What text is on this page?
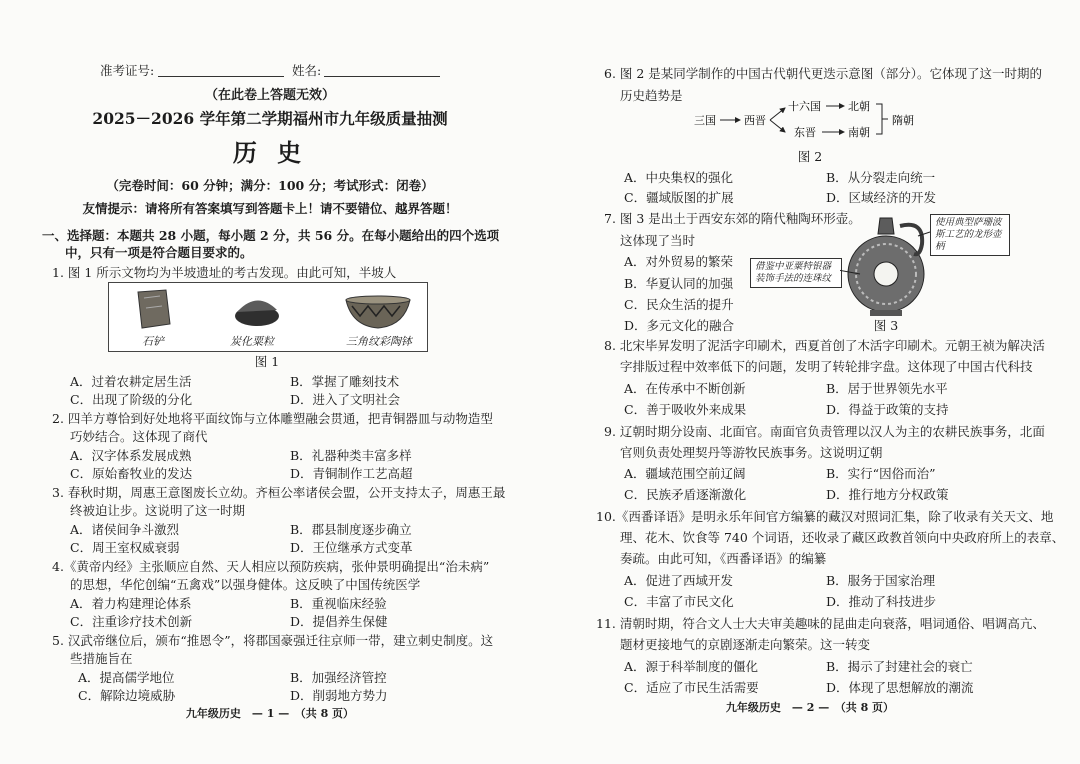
准考证号:	姓名:
（在此卷上答题无效）
2025－2026 学年第二学期福州市九年级质量抽测
历 史
（完卷时间：60 分钟；满分：100 分；考试形式：闭卷）
友情提示：请将所有答案填写到答题卡上！请不要错位、越界答题！
一、选择题：本题共 28 小题，每小题 2 分，共 56 分。在每小题给出的四个选项
中，只有一项是符合题目要求的。
1. 图 1 所示文物均为半坡遗址的考古发现。由此可知，半坡人
石铲	炭化粟粒	三角纹彩陶钵
图 1
A．过着农耕定居生活	B．掌握了雕刻技术
C．出现了阶级的分化	D．进入了文明社会
2. 四羊方尊恰到好处地将平面纹饰与立体雕塑融会贯通，把青铜器皿与动物造型
巧妙结合。这体现了商代
A．汉字体系发展成熟	B．礼器种类丰富多样
C．原始畜牧业的发达	D．青铜制作工艺高超
3. 春秋时期，周惠王意图废长立幼。齐桓公率诸侯会盟，公开支持太子，周惠王最
终被迫让步。这说明了这一时期
A．诸侯间争斗激烈	B．郡县制度逐步确立
C．周王室权威衰弱	D．王位继承方式变革
4.《黄帝内经》主张顺应自然、天人相应以预防疾病，张仲景明确提出“治未病”
的思想，华佗创编“五禽戏”以强身健体。这反映了中国传统医学
A．着力构建理论体系	B．重视临床经验
C．注重诊疗技术创新	D．提倡养生保健
5. 汉武帝继位后，颁布“推恩令”，将郡国豪强迁往京师一带，建立刺史制度。这
些措施旨在
A．提高儒学地位	B．加强经济管控
C．解除边境威胁	D．削弱地方势力
九年级历史　— 1 —　（共 8 页）
6. 图 2 是某同学制作的中国古代朝代更迭示意图（部分）。它体现了这一时期的
历史趋势是
三国	西晋
十六国
东晋
北朝
南朝
隋朝
图 2
A．中央集权的强化	B．从分裂走向统一
C．疆域版图的扩展	D．区域经济的开发
7. 图 3 是出土于西安东郊的隋代釉陶环形壶。
这体现了当时
A．对外贸易的繁荣
B．华夏认同的加强
C．民众生活的提升
D．多元文化的融合
借鉴中亚粟特银器装饰手法的连珠纹
使用典型萨珊波斯工艺的龙形壶柄
图 3
8. 北宋毕昇发明了泥活字印刷术，西夏首创了木活字印刷术。元朝王祯为解决活
字排版过程中效率低下的问题，发明了转轮排字盘。这体现了中国古代科技
A．在传承中不断创新	B．居于世界领先水平
C．善于吸收外来成果	D．得益于政策的支持
9. 辽朝时期分设南、北面官。南面官负责管理以汉人为主的农耕民族事务，北面
官则负责处理契丹等游牧民族事务。这说明辽朝
A．疆域范围空前辽阔	B．实行“因俗而治”
C．民族矛盾逐渐激化	D．推行地方分权政策
10.《西番译语》是明永乐年间官方编纂的藏汉对照词汇集，除了收录有关天文、地
理、花木、饮食等 740 个词语，还收录了藏区政教首领向中央政府所上的表章、
奏疏。由此可知，《西番译语》的编纂
A．促进了西域开发	B．服务于国家治理
C．丰富了市民文化	D．推动了科技进步
11. 清朝时期，符合文人士大夫审美趣味的昆曲走向衰落，唱词通俗、唱调高亢、
题材更接地气的京剧逐渐走向繁荣。这一转变
A．源于科举制度的僵化	B．揭示了封建社会的衰亡
C．适应了市民生活需要	D．体现了思想解放的潮流
九年级历史　— 2 —　（共 8 页）
